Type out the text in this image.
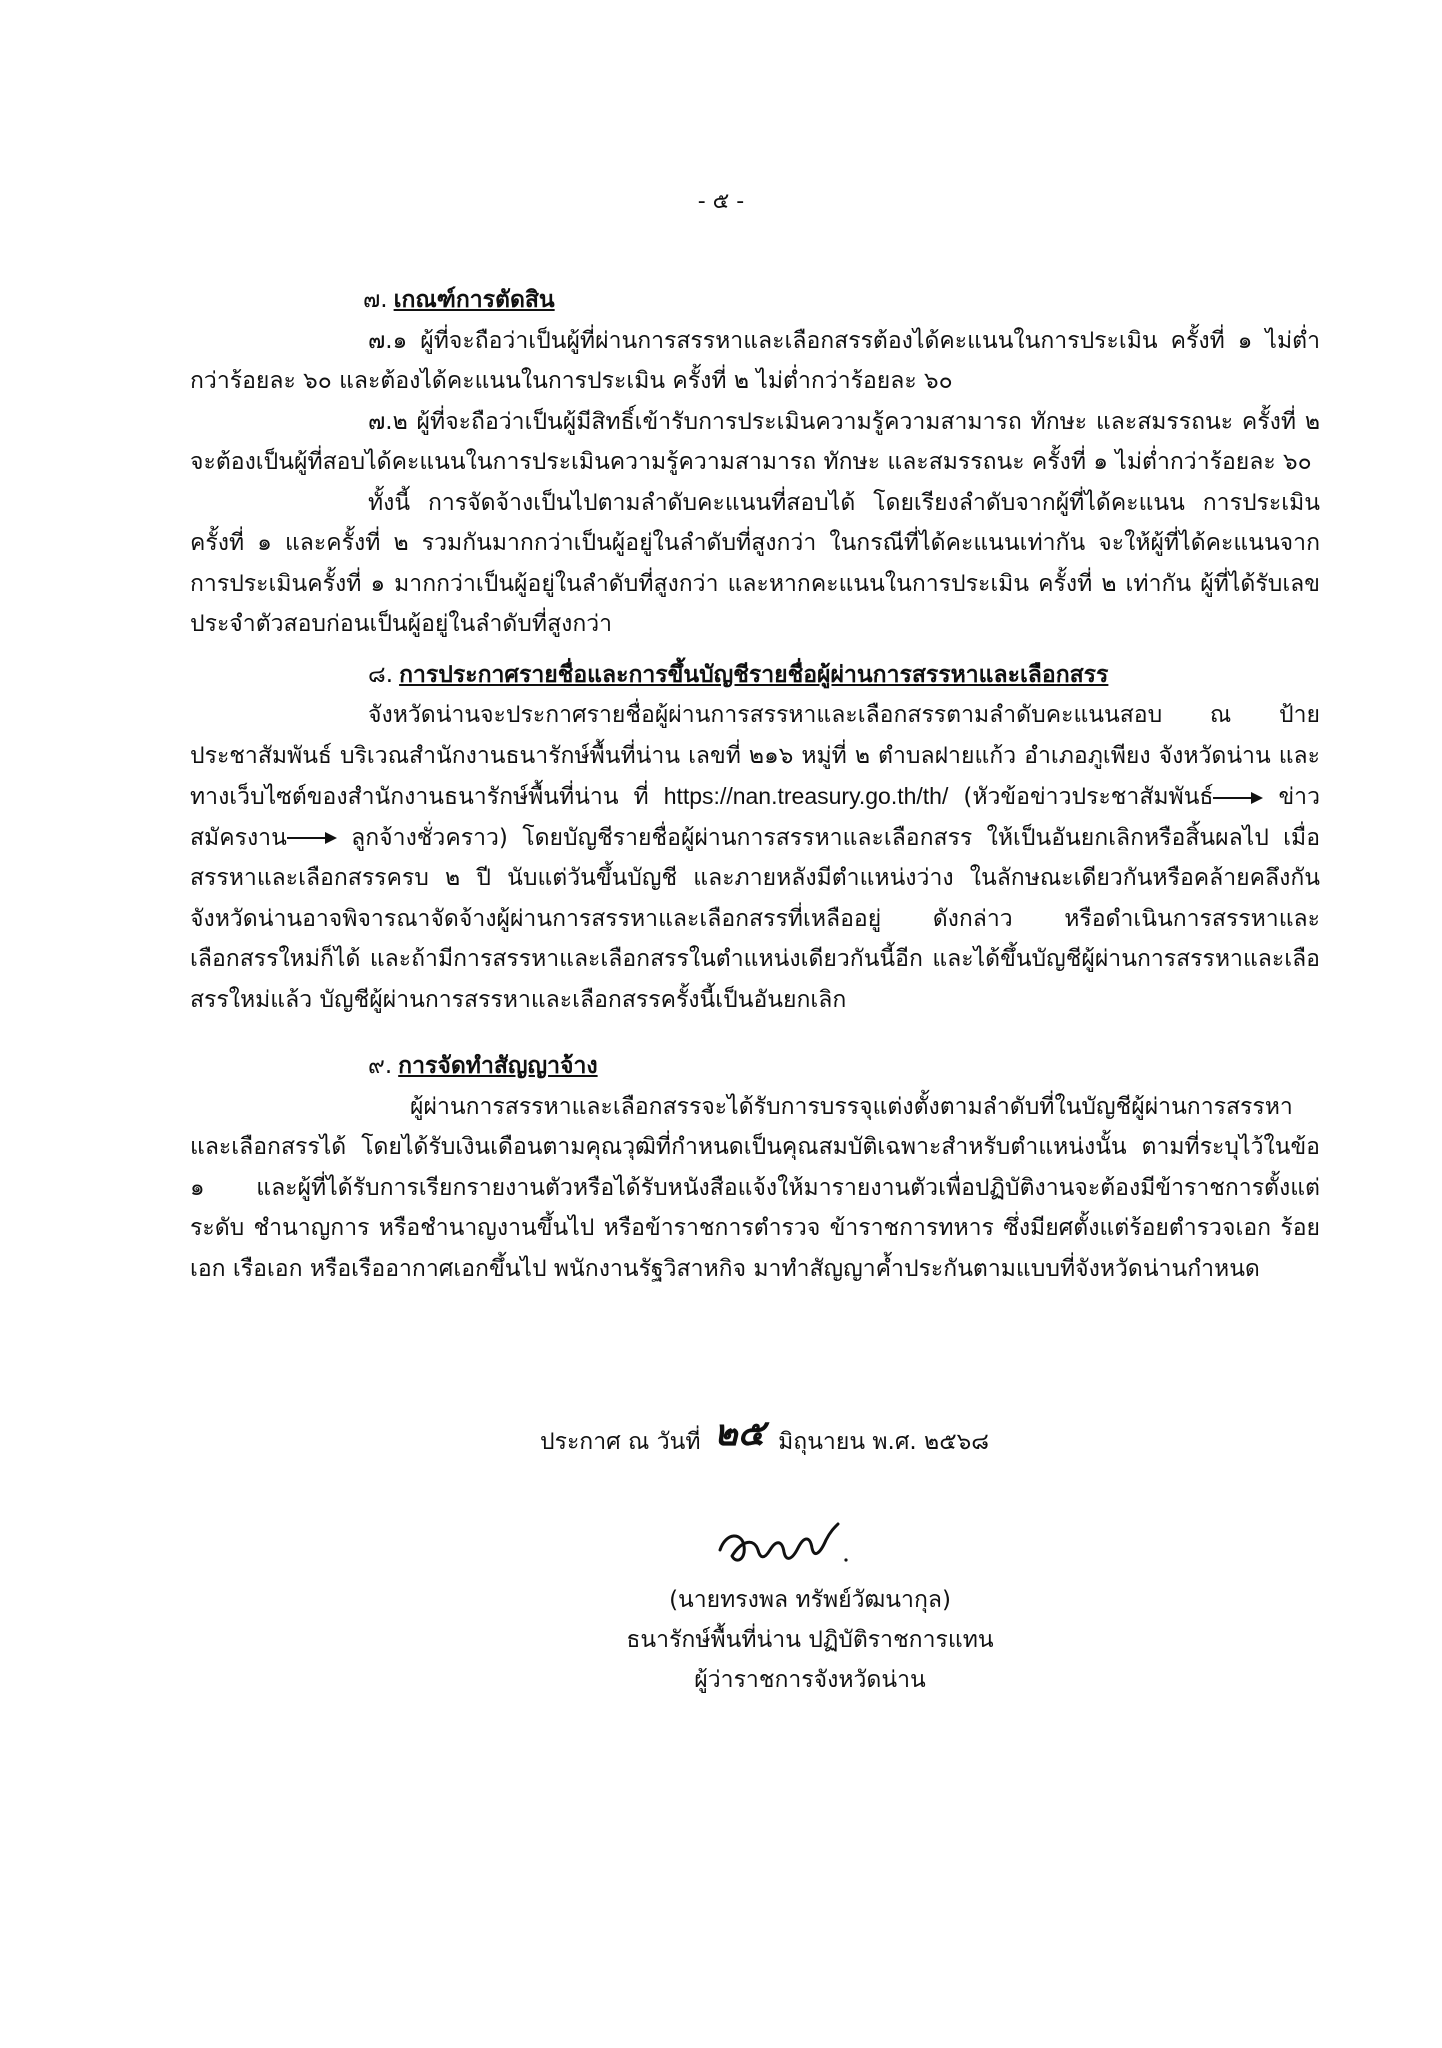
- ๕ -
๗. เกณฑ์การตัดสิน

๗.๑ ผู้ที่จะถือว่าเป็นผู้ที่ผ่านการสรรหาและเลือกสรรต้องได้คะแนนในการประเมิน ครั้งที่ ๑ ไม่ต่ำกว่าร้อยละ ๖๐ และต้องได้คะแนนในการประเมิน ครั้งที่ ๒ ไม่ต่ำกว่าร้อยละ ๖๐

๗.๒ ผู้ที่จะถือว่าเป็นผู้มีสิทธิ์เข้ารับการประเมินความรู้ความสามารถ ทักษะ และสมรรถนะ ครั้งที่ ๒ จะต้องเป็นผู้ที่สอบได้คะแนนในการประเมินความรู้ความสามารถ ทักษะ และสมรรถนะ ครั้งที่ ๑ ไม่ต่ำกว่าร้อยละ ๖๐

ทั้งนี้ การจัดจ้างเป็นไปตามลำดับคะแนนที่สอบได้ โดยเรียงลำดับจากผู้ที่ได้คะแนน การประเมินครั้งที่ ๑ และครั้งที่ ๒ รวมกันมากกว่าเป็นผู้อยู่ในลำดับที่สูงกว่า ในกรณีที่ได้คะแนนเท่ากัน จะให้ผู้ที่ได้คะแนนจากการประเมินครั้งที่ ๑ มากกว่าเป็นผู้อยู่ในลำดับที่สูงกว่า และหากคะแนนในการประเมิน ครั้งที่ ๒ เท่ากัน ผู้ที่ได้รับเลขประจำตัวสอบก่อนเป็นผู้อยู่ในลำดับที่สูงกว่า

๘. การประกาศรายชื่อและการขึ้นบัญชีรายชื่อผู้ผ่านการสรรหาและเลือกสรร

จังหวัดน่านจะประกาศรายชื่อผู้ผ่านการสรรหาและเลือกสรรตามลำดับคะแนนสอบ ณ ป้ายประชาสัมพันธ์ บริเวณสำนักงานธนารักษ์พื้นที่น่าน เลขที่ ๒๑๖ หมู่ที่ ๒ ตำบลฝายแก้ว อำเภอภูเพียง จังหวัดน่าน และทางเว็บไซต์ของสำนักงานธนารักษ์พื้นที่น่าน ที่ https://nan.treasury.go.th/th/ (หัวข้อข่าวประชาสัมพันธ์	ข่าวสมัครงาน	ลูกจ้างชั่วคราว) โดยบัญชีรายชื่อผู้ผ่านการสรรหาและเลือกสรร ให้เป็นอันยกเลิกหรือสิ้นผลไป เมื่อสรรหาและเลือกสรรครบ ๒ ปี นับแต่วันขึ้นบัญชี และภายหลังมีตำแหน่งว่าง ในลักษณะเดียวกันหรือคล้ายคลึงกัน จังหวัดน่านอาจพิจารณาจัดจ้างผู้ผ่านการสรรหาและเลือกสรรที่เหลืออยู่ ดังกล่าว หรือดำเนินการสรรหาและเลือกสรรใหม่ก็ได้ และถ้ามีการสรรหาและเลือกสรรในตำแหน่งเดียวกันนี้อีก และได้ขึ้นบัญชีผู้ผ่านการสรรหาและเลือสรรใหม่แล้ว บัญชีผู้ผ่านการสรรหาและเลือกสรรครั้งนี้เป็นอันยกเลิก

๙. การจัดทำสัญญาจ้าง

ผู้ผ่านการสรรหาและเลือกสรรจะได้รับการบรรจุแต่งตั้งตามลำดับที่ในบัญชีผู้ผ่านการสรรหา และเลือกสรรได้ โดยได้รับเงินเดือนตามคุณวุฒิที่กำหนดเป็นคุณสมบัติเฉพาะสำหรับตำแหน่งนั้น ตามที่ระบุไว้ในข้อ ๑ และผู้ที่ได้รับการเรียกรายงานตัวหรือได้รับหนังสือแจ้งให้มารายงานตัวเพื่อปฏิบัติงานจะต้องมีข้าราชการตั้งแต่ระดับ ชำนาญการ หรือชำนาญงานขึ้นไป หรือข้าราชการตำรวจ ข้าราชการทหาร ซึ่งมียศตั้งแต่ร้อยตำรวจเอก ร้อยเอก เรือเอก หรือเรืออากาศเอกขึ้นไป พนักงานรัฐวิสาหกิจ มาทำสัญญาค้ำประกันตามแบบที่จังหวัดน่านกำหนด

ประกาศ ณ วันที่ ๒๕ มิถุนายน พ.ศ. ๒๕๖๘
(นายทรงพล ทรัพย์วัฒนากุล)
ธนารักษ์พื้นที่น่าน ปฏิบัติราชการแทน
ผู้ว่าราชการจังหวัดน่าน
